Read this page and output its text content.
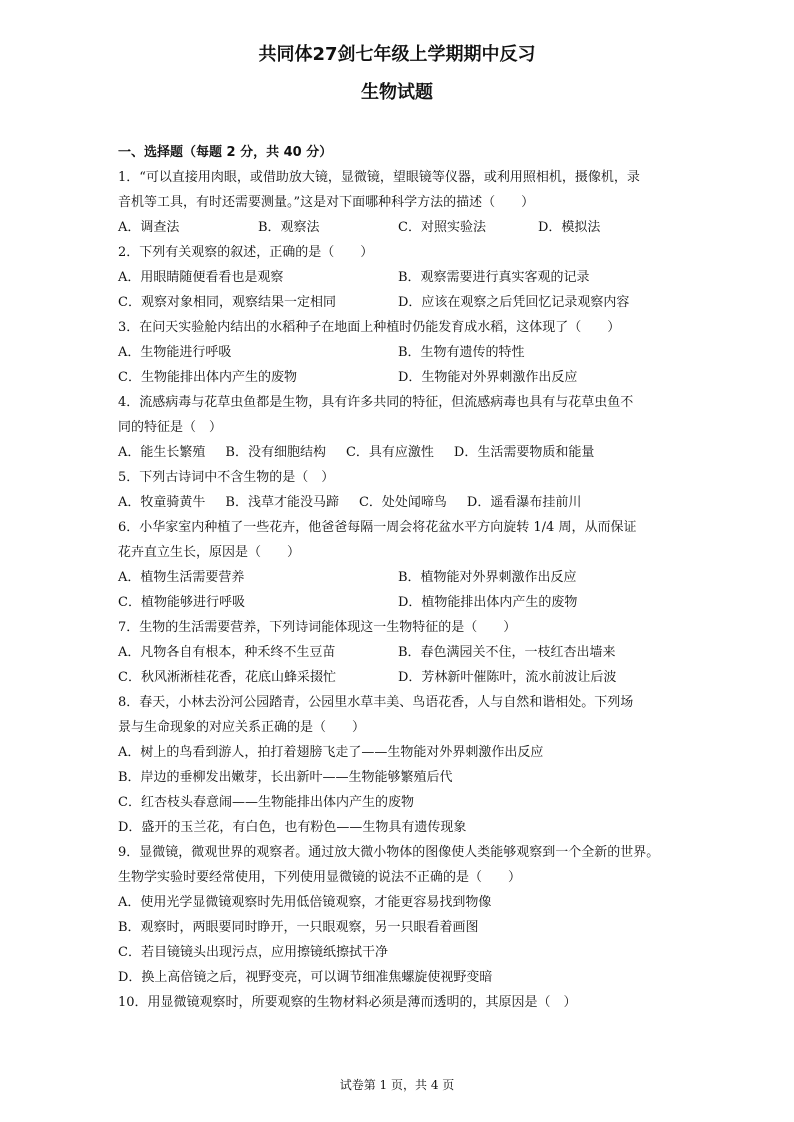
共同体27剑七年级上学期期中反习
生物试题
一、选择题（每题 2 分，共 40 分）
1．“可以直接用肉眼，或借助放大镜，显微镜，望眼镜等仪器，或利用照相机，摄像机，录
音机等工具，有时还需要测量。”这是对下面哪种科学方法的描述（　　）
A．调查法	B．观察法	C．对照实验法	D．模拟法
2．下列有关观察的叙述，正确的是（　　）
A．用眼睛随便看看也是观察	B．观察需要进行真实客观的记录
C．观察对象相同，观察结果一定相同	D．应该在观察之后凭回忆记录观察内容
3．在问天实验舱内结出的水稻种子在地面上种植时仍能发育成水稻，这体现了（　　）
A．生物能进行呼吸	B．生物有遗传的特性
C．生物能排出体内产生的废物	D．生物能对外界刺激作出反应
4．流感病毒与花草虫鱼都是生物，具有许多共同的特征，但流感病毒也具有与花草虫鱼不
同的特征是（　）
A．能生长繁殖 B．没有细胞结构 C．具有应激性 D．生活需要物质和能量
5．下列古诗词中不含生物的是（　）
A．牧童骑黄牛 B．浅草才能没马蹄 C．处处闻啼鸟 D．遥看瀑布挂前川
6．小华家室内种植了一些花卉，他爸爸每隔一周会将花盆水平方向旋转 1/4 周，从而保证
花卉直立生长，原因是（　　）
A．植物生活需要营养	B．植物能对外界刺激作出反应
C．植物能够进行呼吸	D．植物能排出体内产生的废物
7．生物的生活需要营养，下列诗词能体现这一生物特征的是（　　）
A．凡物各自有根本，种禾终不生豆苗	B．春色满园关不住，一枝红杏出墙来
C．秋风淅淅桂花香，花底山蜂采掇忙	D．芳林新叶催陈叶，流水前波让后波
8．春天，小林去汾河公园踏青，公园里水草丰美、鸟语花香，人与自然和谐相处。下列场
景与生命现象的对应关系正确的是（　　）
A．树上的鸟看到游人，拍打着翅膀飞走了——生物能对外界刺激作出反应
B．岸边的垂柳发出嫩芽，长出新叶——生物能够繁殖后代
C．红杏枝头春意闹——生物能排出体内产生的废物
D．盛开的玉兰花，有白色，也有粉色——生物具有遗传现象
9．显微镜，微观世界的观察者。通过放大微小物体的图像使人类能够观察到一个全新的世界。
生物学实验时要经常使用，下列使用显微镜的说法不正确的是（　　）
A．使用光学显微镜观察时先用低倍镜观察，才能更容易找到物像
B．观察时，两眼要同时睁开，一只眼观察，另一只眼看着画图
C．若目镜镜头出现污点，应用擦镜纸擦拭干净
D．换上高倍镜之后，视野变亮，可以调节细准焦螺旋使视野变暗
10．用显微镜观察时，所要观察的生物材料必须是薄而透明的，其原因是（　）
试卷第 1 页，共 4 页
